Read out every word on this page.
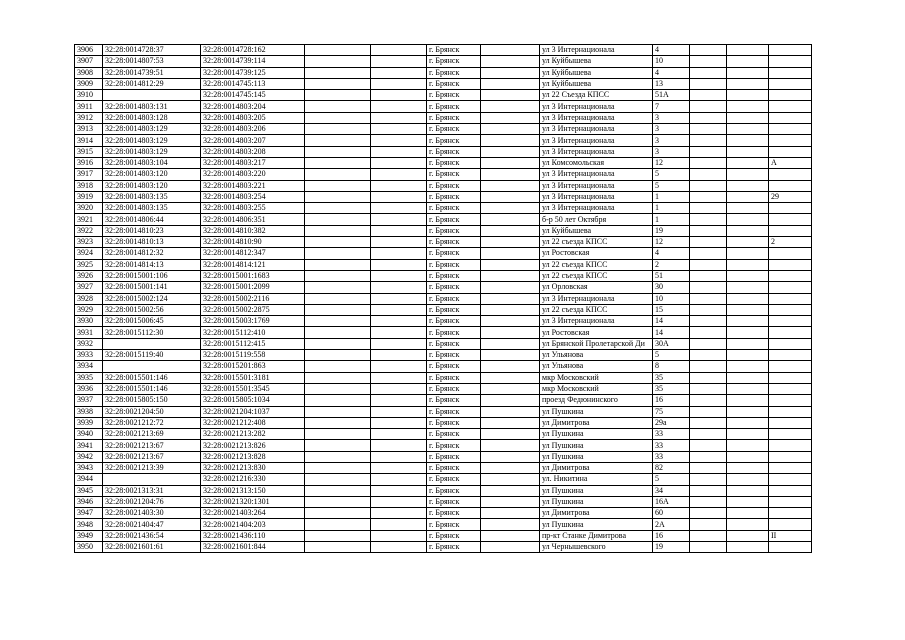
3906	32:28:0014728:37	32:28:0014728:162			г. Брянск		ул 3 Интернационала	4			
3907	32:28:0014807:53	32:28:0014739:114			г. Брянск		ул Куйбышева	10			
3908	32:28:0014739:51	32:28:0014739:125			г. Брянск		ул Куйбышева	4			
3909	32:28:0014812:29	32:28:0014745:113			г. Брянск		ул Куйбышева	13			
3910		32:28:0014745:145			г. Брянск		ул 22 Съезда КПСС	51А			
3911	32:28:0014803:131	32:28:0014803:204			г. Брянск		ул 3 Интернационала	7			
3912	32:28:0014803:128	32:28:0014803:205			г. Брянск		ул 3 Интернационала	3			
3913	32:28:0014803:129	32:28:0014803:206			г. Брянск		ул 3 Интернационала	3			
3914	32:28:0014803:129	32:28:0014803:207			г. Брянск		ул 3 Интернационала	3			
3915	32:28:0014803:129	32:28:0014803:208			г. Брянск		ул 3 Интернационала	3			
3916	32:28:0014803:104	32:28:0014803:217			г. Брянск		ул Комсомольская	12			А
3917	32:28:0014803:120	32:28:0014803:220			г. Брянск		ул 3 Интернационала	5			
3918	32:28:0014803:120	32:28:0014803:221			г. Брянск		ул 3 Интернационала	5			
3919	32:28:0014803:135	32:28:0014803:254			г. Брянск		ул 3 Интернационала	1			29
3920	32:28:0014803:135	32:28:0014803:255			г. Брянск		ул 3 Интернационала	1			
3921	32:28:0014806:44	32:28:0014806:351			г. Брянск		б-р 50 лет Октября	1			
3922	32:28:0014810:23	32:28:0014810:382			г. Брянск		ул Куйбышева	19			
3923	32:28:0014810:13	32:28:0014810:90			г. Брянск		ул 22 съезда КПСС	12			2
3924	32:28:0014812:32	32:28:0014812:347			г. Брянск		ул Ростовская	4			
3925	32:28:0014814:13	32:28:0014814:121			г. Брянск		ул 22 съезда КПСС	2			
3926	32:28:0015001:106	32:28:0015001:1683			г. Брянск		ул 22 съезда КПСС	51			
3927	32:28:0015001:141	32:28:0015001:2099			г. Брянск		ул Орловская	30			
3928	32:28:0015002:124	32:28:0015002:2116			г. Брянск		ул 3 Интернационала	10			
3929	32:28:0015002:56	32:28:0015002:2875			г. Брянск		ул 22 съезда КПСС	15			
3930	32:28:0015006:45	32:28:0015003:1769			г. Брянск		ул 3 Интернационала	14			
3931	32:28:0015112:30	32:28:0015112:410			г. Брянск		ул Ростовская	14			
3932		32:28:0015112:415			г. Брянск		ул Брянской Пролетарской Ди	30А			
3933	32:28:0015119:40	32:28:0015119:558			г. Брянск		ул Ульянова	5			
3934		32:28:0015201:863			г. Брянск		ул Ульянова	8			
3935	32:28:0015501:146	32:28:0015501:3181			г. Брянск		мкр Московский	35			
3936	32:28:0015501:146	32:28:0015501:3545			г. Брянск		мкр Московский	35			
3937	32:28:0015805:150	32:28:0015805:1034			г. Брянск		проезд Федюнинского	16			
3938	32:28:0021204:50	32:28:0021204:1037			г. Брянск		ул Пушкина	75			
3939	32:28:0021212:72	32:28:0021212:408			г. Брянск		ул Димитрова	29а			
3940	32:28:0021213:69	32:28:0021213:282			г. Брянск		ул Пушкина	33			
3941	32:28:0021213:67	32:28:0021213:826			г. Брянск		ул Пушкина	33			
3942	32:28:0021213:67	32:28:0021213:828			г. Брянск		ул Пушкина	33			
3943	32:28:0021213:39	32:28:0021213:830			г. Брянск		ул Димитрова	82			
3944		32:28:0021216:330			г. Брянск		ул. Никитина	5			
3945	32:28:0021313:31	32:28:0021313:150			г. Брянск		ул Пушкина	34			
3946	32:28:0021204:76	32:28:0021320:1301			г. Брянск		ул Пушкина	16А			
3947	32:28:0021403:30	32:28:0021403:264			г. Брянск		ул Димитрова	60			
3948	32:28:0021404:47	32:28:0021404:203			г. Брянск		ул Пушкина	2А			
3949	32:28:0021436:54	32:28:0021436:110			г. Брянск		пр-кт Станке Димитрова	16			II
3950	32:28:0021601:61	32:28:0021601:844			г. Брянск		ул Чернышевского	19			
